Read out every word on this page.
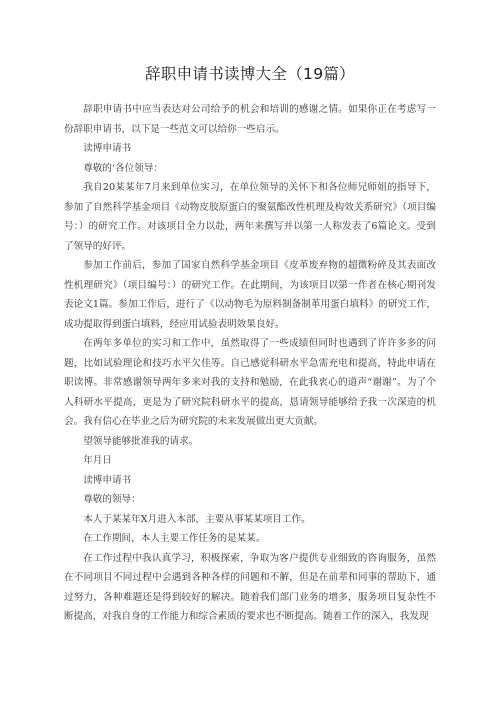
辞职申请书读博大全（19篇）

辞职申请书中应当表达对公司给予的机会和培训的感谢之情。如果你正在考虑写一份辞职申请书，以下是一些范文可以给你一些启示。

读博申请书

尊敬的‘各位领导：

我自20某某年7月来到单位实习，在单位领导的关怀下和各位师兄师姐的指导下，参加了自然科学基金项目《动物皮胶原蛋白的聚氨酯改性机理及构效关系研究》（项目编号：）的研究工作。对该项目全力以赴，两年来撰写并以第一人称发表了6篇论文。受到了领导的好评。

参加工作前后，参加了国家自然科学基金项目《皮革废弃物的超微粉碎及其表面改性机理研究》（项目编号：）的研究工作。在此期间，为该项目以第一作者在核心期刊发表论文1篇。参加工作后，进行了《以动物毛为原料制备制革用蛋白填料》的研究工作，成功提取得到蛋白填料，经应用试验表明效果良好。

在两年多单位的实习和工作中，虽然取得了一些成绩但同时也遇到了许许多多的问题，比如试验理论和技巧水平欠佳等。自己感觉科研水平急需充电和提高，特此申请在职读博。非常感谢领导两年多来对我的支持和勉励，在此我衷心的道声“谢谢”。为了个人科研水平提高，更是为了研究院科研水平的提高，恳请领导能够给予我一次深造的机会。我有信心在毕业之后为研究院的未来发展做出更大贡献。

望领导能够批准我的请求。

年月日

读博申请书

尊敬的领导：

本人于某某年X月进入本部，主要从事某某项目工作。

在工作期间，本人主要工作任务的是某某。

在工作过程中我认真学习，积极探索，争取为客户提供专业细致的咨询服务，虽然在不同项目不同过程中会遇到各种各样的问题和不解，但是在前辈和同事的帮助下，通过努力，各种难题还是得到较好的解决。随着我们部门业务的增多，服务项目复杂性不断提高，对我自身的工作能力和综合素质的要求也不断提高。随着工作的深入，我发现
